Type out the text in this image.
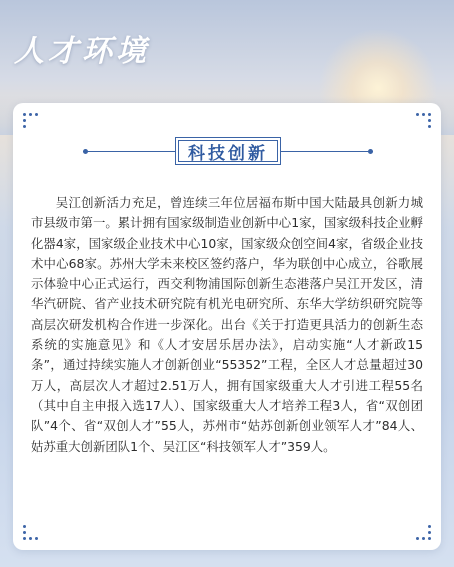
人才环境
科技创新

吴江创新活力充足，曾连续三年位居福布斯中国大陆最具创新力城市县级市第一。累计拥有国家级制造业创新中心1家，国家级科技企业孵化器4家，国家级企业技术中心10家，国家级众创空间4家，省级企业技术中心68家。苏州大学未来校区签约落户，华为联创中心成立，谷歌展示体验中心正式运行，西交利物浦国际创新生态港落户吴江开发区，清华汽研院、省产业技术研究院有机光电研究所、东华大学纺织研究院等高层次研发机构合作进一步深化。出台《关于打造更具活力的创新生态系统的实施意见》和《人才安居乐居办法》，启动实施“人才新政15条”，通过持续实施人才创新创业“55352”工程，全区人才总量超过30万人，高层次人才超过2.51万人，拥有国家级重大人才引进工程55名（其中自主申报入选17人）、国家级重大人才培养工程3人，省“双创团队”4个、省“双创人才”55人，苏州市“姑苏创新创业领军人才”84人、姑苏重大创新团队1个、吴江区“科技领军人才”359人。
